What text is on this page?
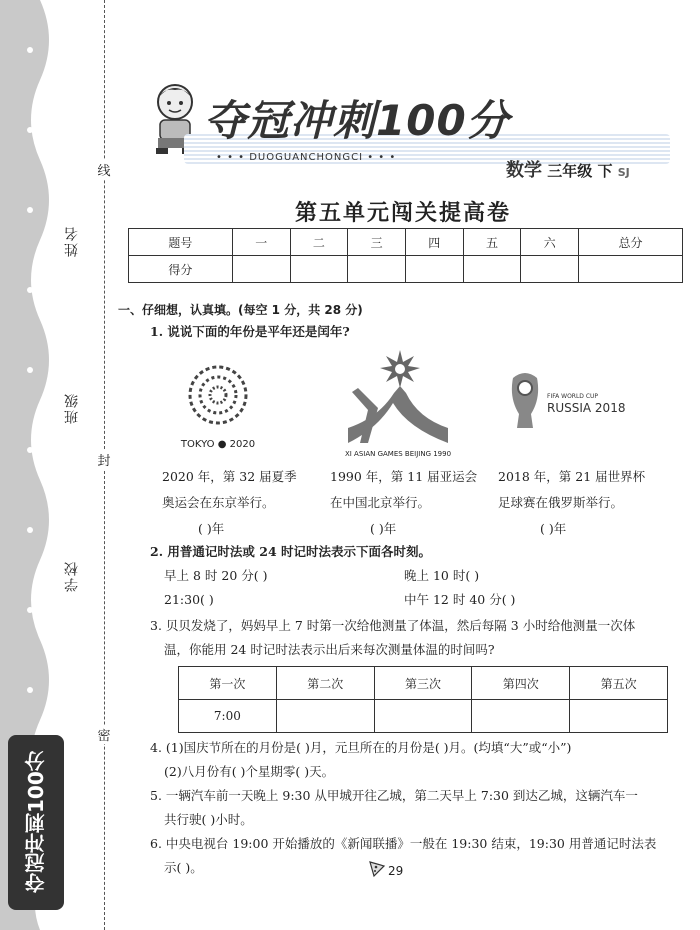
姓名
班级
学校
线
封
密
夺冠冲刺100分
夺冠冲刺100分
• • • DUOGUANCHONGCI • • •
数学 三年级 下 SJ
第五单元闯关提高卷
题号	一	二	三	四	五	六	总分
得分							
一、仔细想，认真填。(每空 1 分，共 28 分)
1. 说说下面的年份是平年还是闰年?
TOKYO ● 2020
XI ASIAN GAMES BEIJING 1990
FIFA WORLD CUP
RUSSIA 2018
2020 年，第 32 届夏季
奥运会在东京举行。
( )年
1990 年，第 11 届亚运会
在中国北京举行。
( )年
2018 年，第 21 届世界杯
足球赛在俄罗斯举行。
( )年
2. 用普通记时法或 24 时记时法表示下面各时刻。
早上 8 时 20 分( )	晚上 10 时( )
21:30( )	中午 12 时 40 分( )
3. 贝贝发烧了，妈妈早上 7 时第一次给他测量了体温，然后每隔 3 小时给他测量一次体
温，你能用 24 时记时法表示出后来每次测量体温的时间吗?
第一次	第二次	第三次	第四次	第五次
7:00				
4. (1)国庆节所在的月份是( )月，元旦所在的月份是( )月。(均填“大”或“小”)
(2)八月份有( )个星期零( )天。
5. 一辆汽车前一天晚上 9:30 从甲城开往乙城，第二天早上 7:30 到达乙城，这辆汽车一
共行驶( )小时。
6. 中央电视台 19:00 开始播放的《新闻联播》一般在 19:30 结束，19:30 用普通记时法表
示( )。	29
